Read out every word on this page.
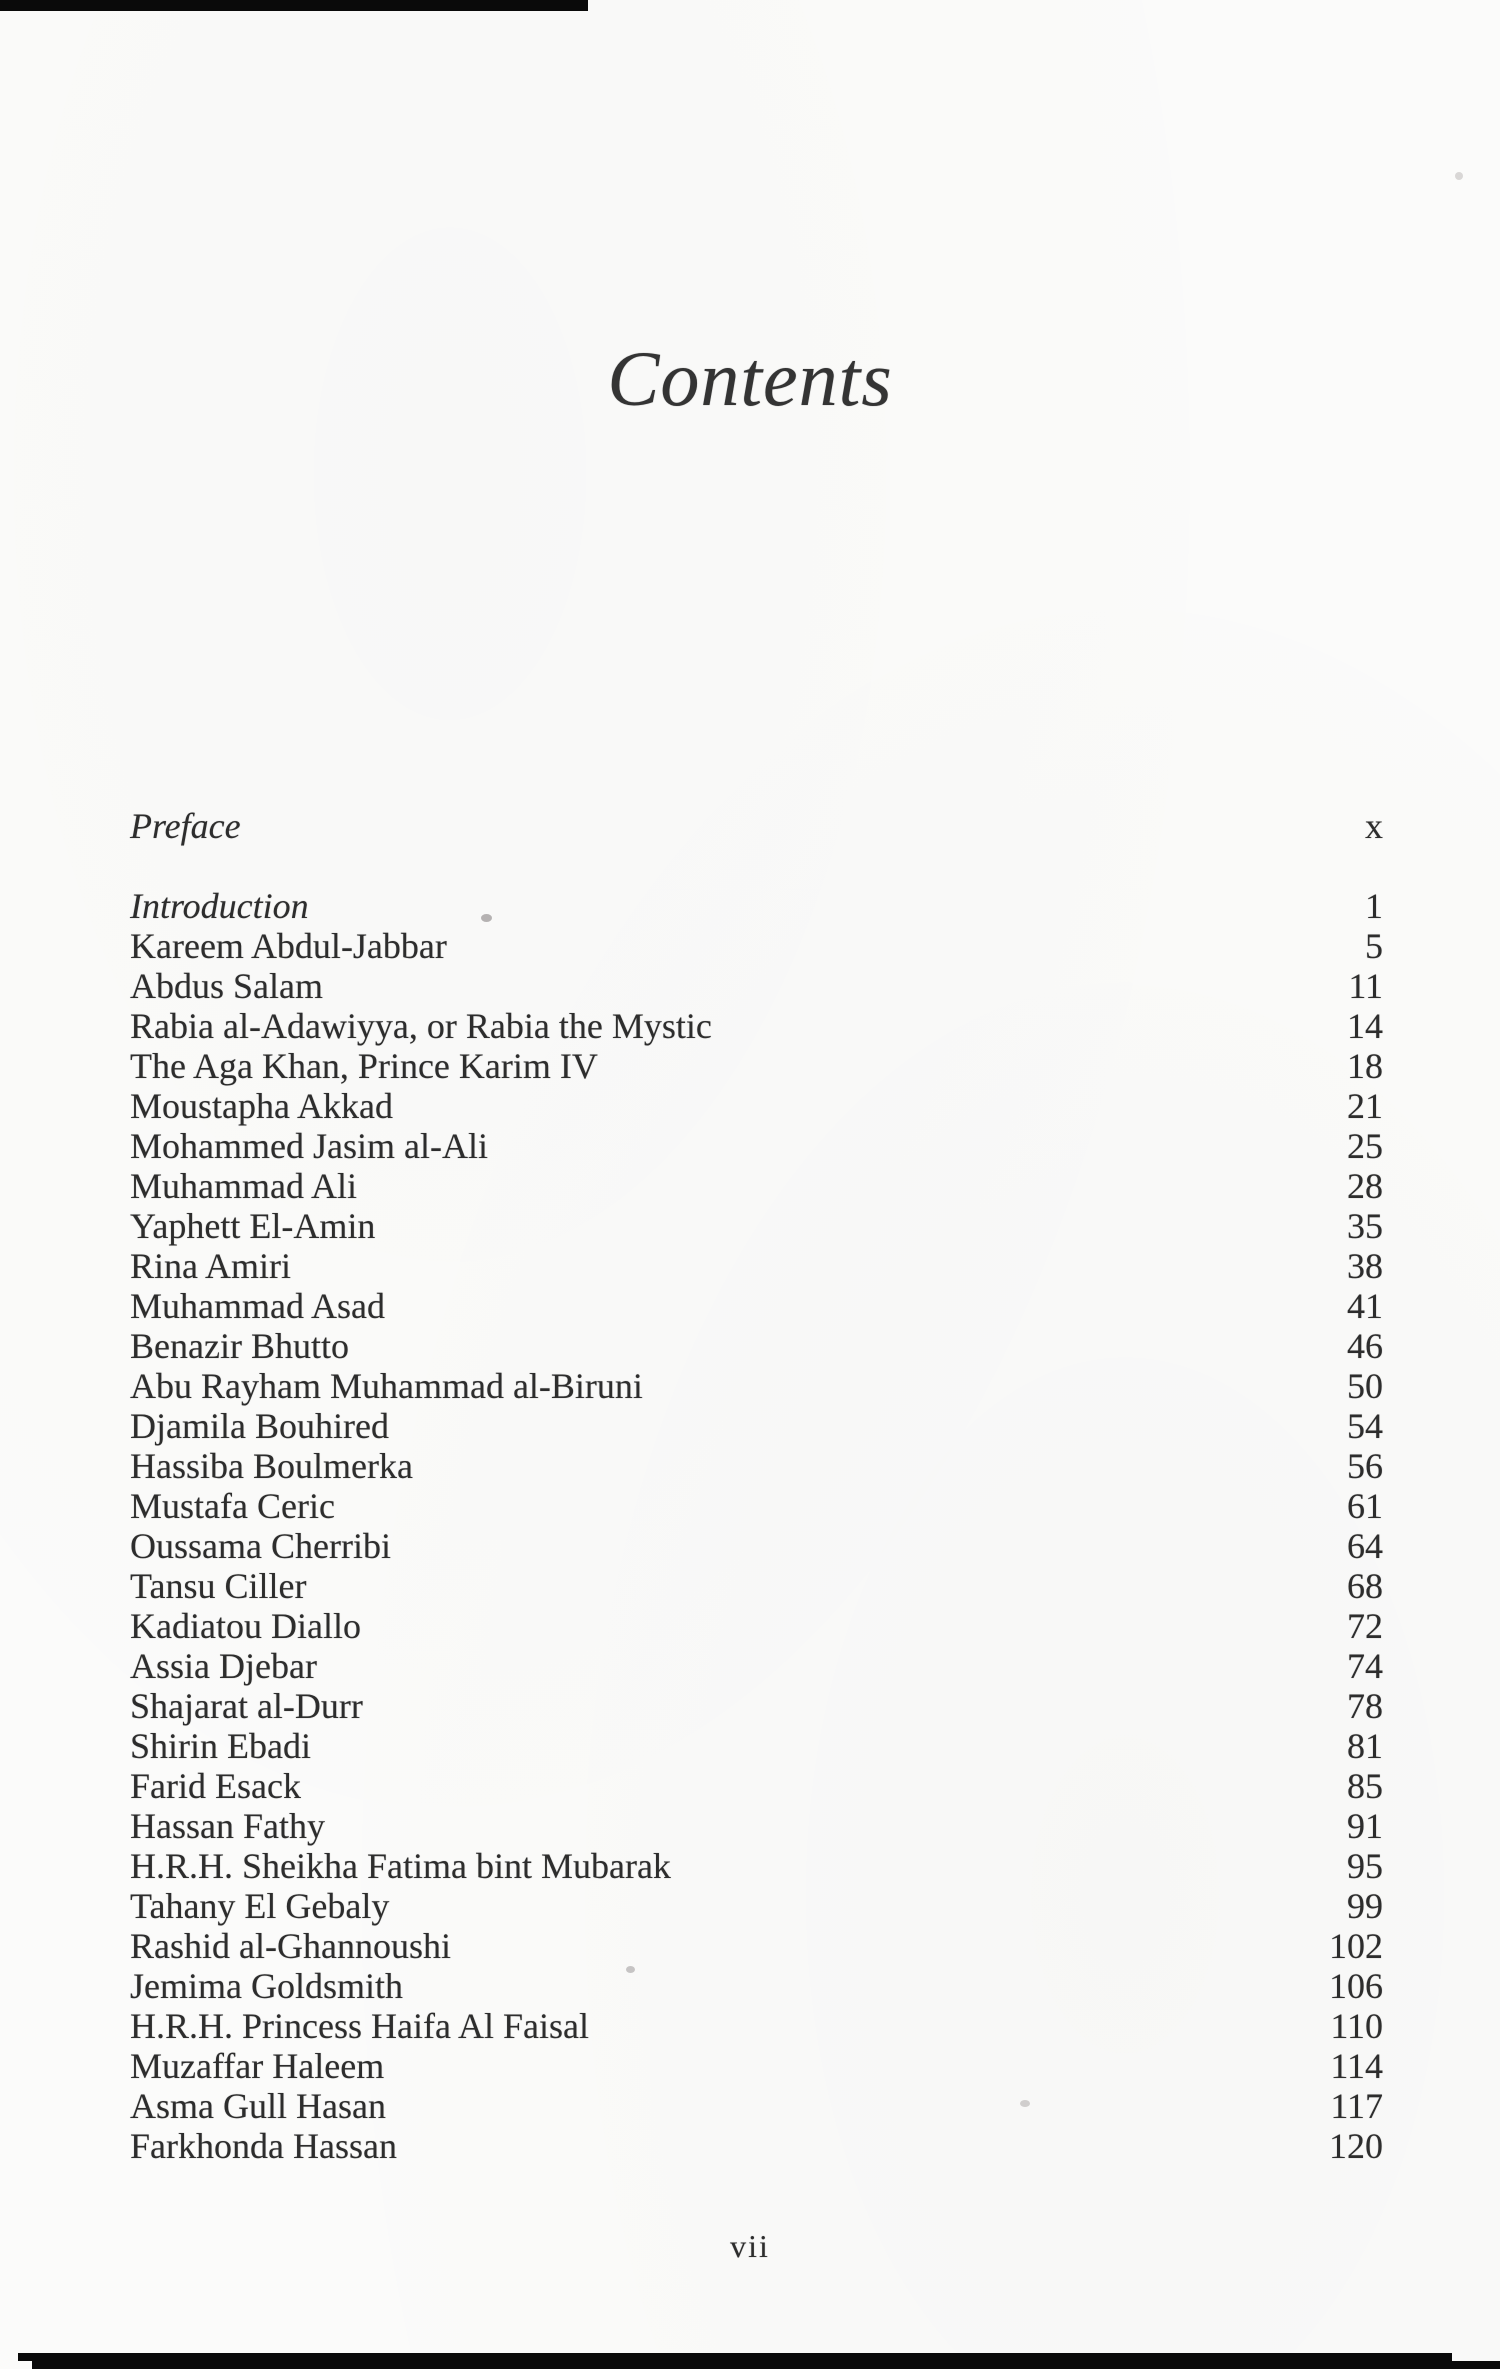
Contents
Preface	x
Introduction	1
Kareem Abdul-Jabbar	5
Abdus Salam	11
Rabia al-Adawiyya, or Rabia the Mystic	14
The Aga Khan, Prince Karim IV	18
Moustapha Akkad	21
Mohammed Jasim al-Ali	25
Muhammad Ali	28
Yaphett El-Amin	35
Rina Amiri	38
Muhammad Asad	41
Benazir Bhutto	46
Abu Rayham Muhammad al-Biruni	50
Djamila Bouhired	54
Hassiba Boulmerka	56
Mustafa Ceric	61
Oussama Cherribi	64
Tansu Ciller	68
Kadiatou Diallo	72
Assia Djebar	74
Shajarat al-Durr	78
Shirin Ebadi	81
Farid Esack	85
Hassan Fathy	91
H.R.H. Sheikha Fatima bint Mubarak	95
Tahany El Gebaly	99
Rashid al-Ghannoushi	102
Jemima Goldsmith	106
H.R.H. Princess Haifa Al Faisal	110
Muzaffar Haleem	114
Asma Gull Hasan	117
Farkhonda Hassan	120
vii
